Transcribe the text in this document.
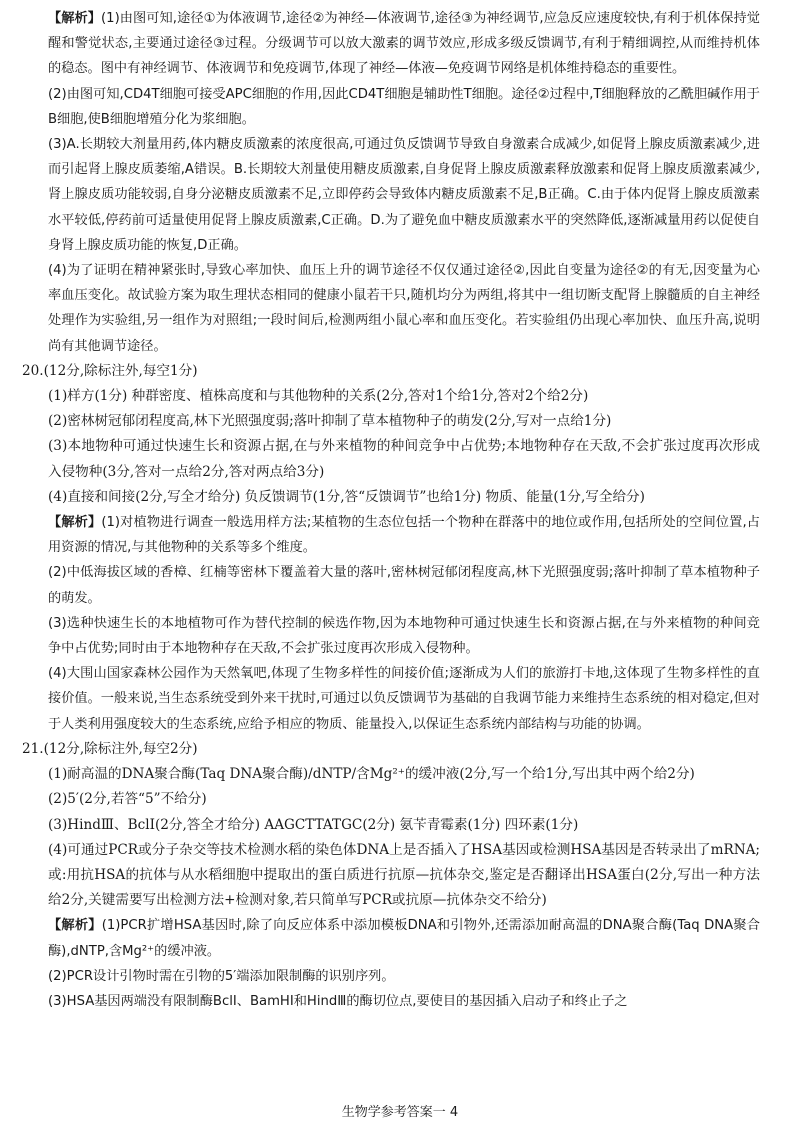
【解析】(1)由图可知,途径①为体液调节,途径②为神经—体液调节,途径③为神经调节,应急反应速度较快,有利于机体保持觉醒和警觉状态,主要通过途径③过程。分级调节可以放大激素的调节效应,形成多级反馈调节,有利于精细调控,从而维持机体的稳态。图中有神经调节、体液调节和免疫调节,体现了神经—体液—免疫调节网络是机体维持稳态的重要性。

(2)由图可知,CD4T细胞可接受APC细胞的作用,因此CD4T细胞是辅助性T细胞。途径②过程中,T细胞释放的乙酰胆碱作用于B细胞,使B细胞增殖分化为浆细胞。

(3)A.长期较大剂量用药,体内糖皮质激素的浓度很高,可通过负反馈调节导致自身激素合成减少,如促肾上腺皮质激素减少,进而引起肾上腺皮质萎缩,A错误。B.长期较大剂量使用糖皮质激素,自身促肾上腺皮质激素释放激素和促肾上腺皮质激素减少,肾上腺皮质功能较弱,自身分泌糖皮质激素不足,立即停药会导致体内糖皮质激素不足,B正确。C.由于体内促肾上腺皮质激素水平较低,停药前可适量使用促肾上腺皮质激素,C正确。D.为了避免血中糖皮质激素水平的突然降低,逐渐减量用药以促使自身肾上腺皮质功能的恢复,D正确。

(4)为了证明在精神紧张时,导致心率加快、血压上升的调节途径不仅仅通过途径②,因此自变量为途径②的有无,因变量为心率血压变化。故试验方案为取生理状态相同的健康小鼠若干只,随机均分为两组,将其中一组切断支配肾上腺髓质的自主神经处理作为实验组,另一组作为对照组;一段时间后,检测两组小鼠心率和血压变化。若实验组仍出现心率加快、血压升高,说明尚有其他调节途径。

20.(12分,除标注外,每空1分)

(1)样方(1分) 种群密度、植株高度和与其他物种的关系(2分,答对1个给1分,答对2个给2分)

(2)密林树冠郁闭程度高,林下光照强度弱;落叶抑制了草本植物种子的萌发(2分,写对一点给1分)

(3)本地物种可通过快速生长和资源占据,在与外来植物的种间竞争中占优势;本地物种存在天敌,不会扩张过度再次形成入侵物种(3分,答对一点给2分,答对两点给3分)

(4)直接和间接(2分,写全才给分) 负反馈调节(1分,答“反馈调节”也给1分) 物质、能量(1分,写全给分)

【解析】(1)对植物进行调查一般选用样方法;某植物的生态位包括一个物种在群落中的地位或作用,包括所处的空间位置,占用资源的情况,与其他物种的关系等多个维度。

(2)中低海拔区域的香樟、红楠等密林下覆盖着大量的落叶,密林树冠郁闭程度高,林下光照强度弱;落叶抑制了草本植物种子的萌发。

(3)选种快速生长的本地植物可作为替代控制的候选作物,因为本地物种可通过快速生长和资源占据,在与外来植物的种间竞争中占优势;同时由于本地物种存在天敌,不会扩张过度再次形成入侵物种。

(4)大围山国家森林公园作为天然氧吧,体现了生物多样性的间接价值;逐渐成为人们的旅游打卡地,这体现了生物多样性的直接价值。一般来说,当生态系统受到外来干扰时,可通过以负反馈调节为基础的自我调节能力来维持生态系统的相对稳定,但对于人类利用强度较大的生态系统,应给予相应的物质、能量投入,以保证生态系统内部结构与功能的协调。

21.(12分,除标注外,每空2分)

(1)耐高温的DNA聚合酶(Taq DNA聚合酶)/dNTP/含Mg²⁺的缓冲液(2分,写一个给1分,写出其中两个给2分)

(2)5′(2分,若答“5”不给分)

(3)HindⅢ、BclⅠ(2分,答全才给分) AAGCTTATGC(2分) 氨苄青霉素(1分) 四环素(1分)

(4)可通过PCR或分子杂交等技术检测水稻的染色体DNA上是否插入了HSA基因或检测HSA基因是否转录出了mRNA;或:用抗HSA的抗体与从水稻细胞中提取出的蛋白质进行抗原—抗体杂交,鉴定是否翻译出HSA蛋白(2分,写出一种方法给2分,关键需要写出检测方法+检测对象,若只简单写PCR或抗原—抗体杂交不给分)

【解析】(1)PCR扩增HSA基因时,除了向反应体系中添加模板DNA和引物外,还需添加耐高温的DNA聚合酶(Taq DNA聚合酶),dNTP,含Mg²⁺的缓冲液。

(2)PCR设计引物时需在引物的5′端添加限制酶的识别序列。

(3)HSA基因两端没有限制酶BclⅠ、BamHⅠ和HindⅢ的酶切位点,要使目的基因插入启动子和终止子之

生物学参考答案一 4
